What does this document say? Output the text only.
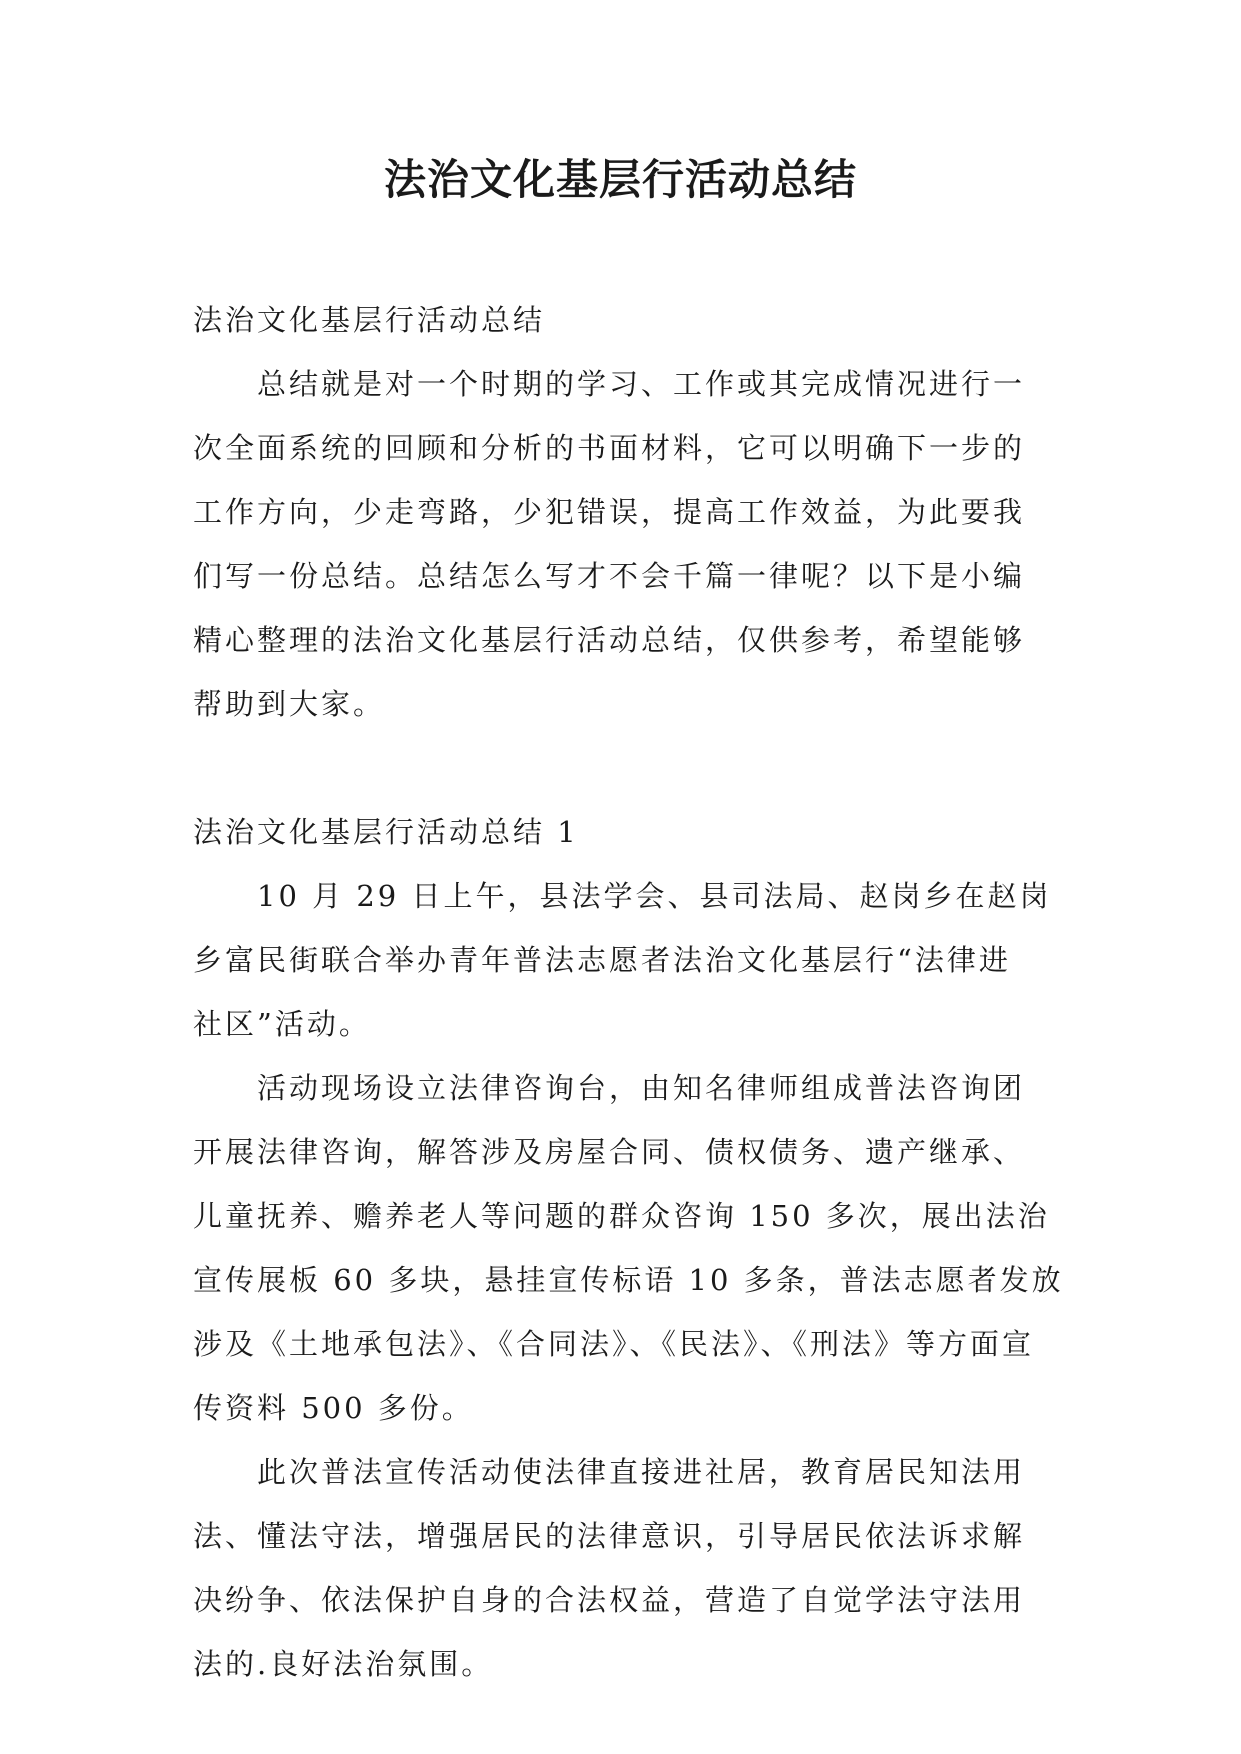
法治文化基层行活动总结
法治文化基层行活动总结
总结就是对一个时期的学习、工作或其完成情况进行一
次全面系统的回顾和分析的书面材料，它可以明确下一步的
工作方向，少走弯路，少犯错误，提高工作效益，为此要我
们写一份总结。总结怎么写才不会千篇一律呢？以下是小编
精心整理的法治文化基层行活动总结，仅供参考，希望能够
帮助到大家。
法治文化基层行活动总结 1
10 月 29 日上午，县法学会、县司法局、赵岗乡在赵岗
乡富民街联合举办青年普法志愿者法治文化基层行“法律进
社区”活动。
活动现场设立法律咨询台，由知名律师组成普法咨询团
开展法律咨询，解答涉及房屋合同、债权债务、遗产继承、
儿童抚养、赡养老人等问题的群众咨询 150 多次，展出法治
宣传展板 60 多块，悬挂宣传标语 10 多条，普法志愿者发放
涉及《土地承包法》、《合同法》、《民法》、《刑法》等方面宣
传资料 500 多份。
此次普法宣传活动使法律直接进社居，教育居民知法用
法、懂法守法，增强居民的法律意识，引导居民依法诉求解
决纷争、依法保护自身的合法权益，营造了自觉学法守法用
法的.良好法治氛围。
